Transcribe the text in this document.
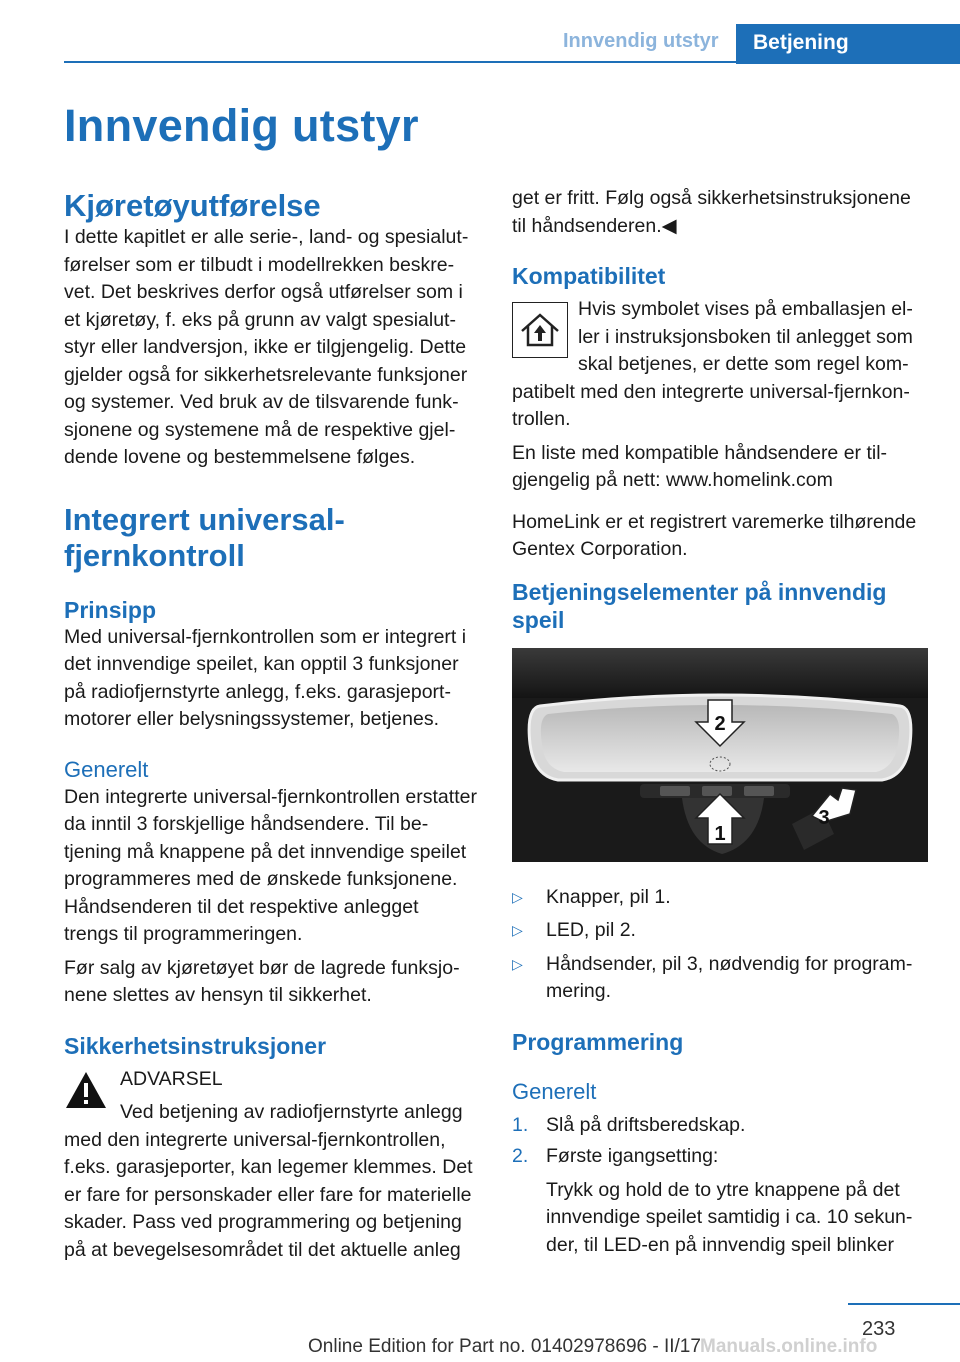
Innvendig utstyr	Betjening
Innvendig utstyr
Kjøretøyutførelse

I dette kapitlet er alle serie-, land- og spesialutførelser som er tilbudt i modellrekken beskrevet. Det beskrives derfor også utførelser som i et kjøretøy, f. eks på grunn av valgt spesialutstyr eller landversjon, ikke er tilgjengelig. Dette gjelder også for sikkerhetsrelevante funksjoner og systemer. Ved bruk av de tilsvarende funksjonene og systemene må de respektive gjeldende lovene og bestemmelsene følges.

Integrert universalfjernkontroll
Prinsipp

Med universal-fjernkontrollen som er integrert i det innvendige speilet, kan opptil 3 funksjoner på radiofjernstyrte anlegg, f.eks. garasjeportmotorer eller belysningssystemer, betjenes.

Generelt

Den integrerte universal-fjernkontrollen erstatter da inntil 3 forskjellige håndsendere. Til betjening må knappene på det innvendige speilet programmeres med de ønskede funksjonene. Håndsenderen til det respektive anlegget trengs til programmeringen.

Før salg av kjøretøyet bør de lagrede funksjonene slettes av hensyn til sikkerhet.

Sikkerhetsinstruksjoner
ADVARSEL

Ved betjening av radiofjernstyrte anlegg med den integrerte universal-fjernkontrollen, f.eks. garasjeporter, kan legemer klemmes. Det er fare for personskader eller fare for materielle skader. Pass ved programmering og betjening på at bevegelsesområdet til det aktuelle anleg

get er fritt. Følg også sikkerhetsinstruksjonene til håndsenderen.◀

Kompatibilitet

Hvis symbolet vises på emballasjen eller i instruksjonsboken til anlegget som skal betjenes, er dette som regel kompatibelt med den integrerte universal-fjernkontrollen.

En liste med kompatible håndsendere er tilgjengelig på nett: www.homelink.com

HomeLink er et registrert varemerke tilhørende Gentex Corporation.

Betjeningselementer på innvendig speil
2
1
3
▷ Knapper, pil 1.
▷ LED, pil 2.
▷ Håndsender, pil 3, nødvendig for programmering.
Programmering
Generelt
1. Slå på driftsberedskap.
2. Første igangsetting:

Trykk og hold de to ytre knappene på det innvendige speilet samtidig i ca. 10 sekunder, til LED-en på innvendig speil blinker

233
Online Edition for Part no. 01402978696 - II/17 Manuals.online.info
